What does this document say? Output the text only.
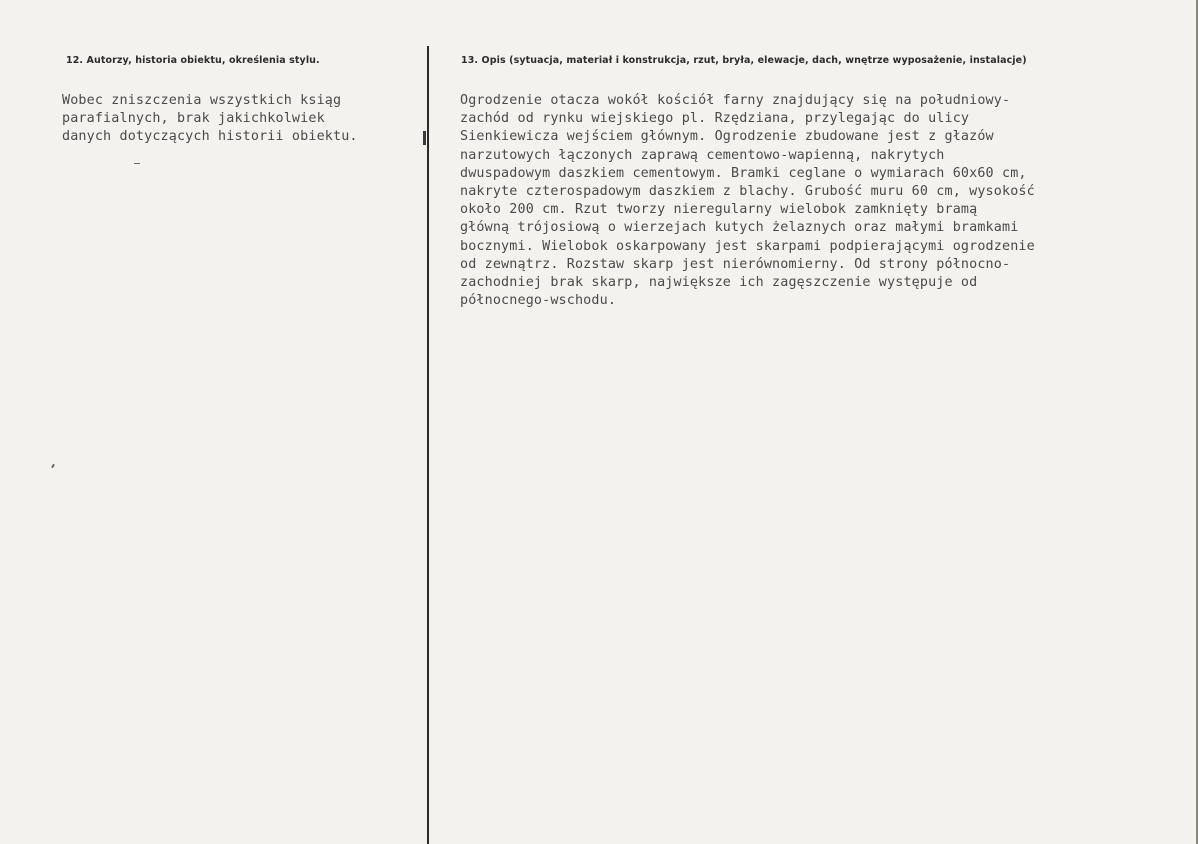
12. Autorzy, historia obiektu, określenia stylu.	13. Opis (sytuacja, materiał i konstrukcja, rzut, bryła, elewacje, dach, wnętrze wyposażenie, instalacje)
Wobec zniszczenia wszystkich ksiąg
parafialnych, brak jakichkolwiek
danych dotyczących historii obiektu.
Ogrodzenie otacza wokół kościół farny znajdujący się na południowy-
zachód od rynku wiejskiego pl. Rzędziana, przylegając do ulicy
Sienkiewicza wejściem głównym. Ogrodzenie zbudowane jest z głazów
narzutowych łączonych zaprawą cementowo-wapienną, nakrytych
dwuspadowym daszkiem cementowym. Bramki ceglane o wymiarach 60x60 cm,
nakryte czterospadowym daszkiem z blachy. Grubość muru 60 cm, wysokość
około 200 cm. Rzut tworzy nieregularny wielobok zamknięty bramą
główną trójosiową o wierzejach kutych żelaznych oraz małymi bramkami
bocznymi. Wielobok oskarpowany jest skarpami podpierającymi ogrodzenie
od zewnątrz. Rozstaw skarp jest nierównomierny. Od strony północno-
zachodniej brak skarp, największe ich zagęszczenie występuje od
północnego-wschodu.
